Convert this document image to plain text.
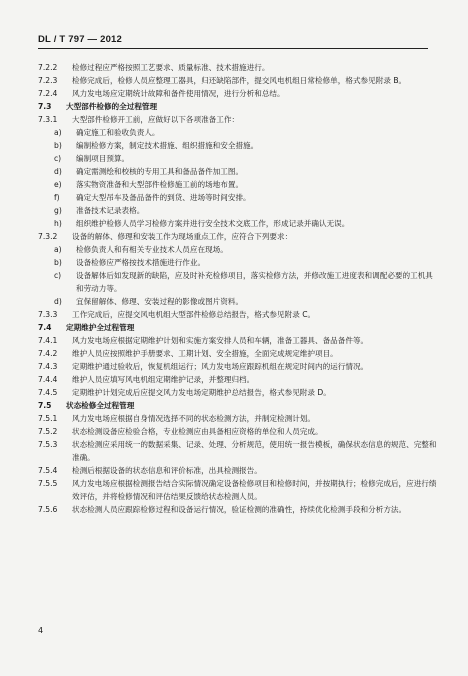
DL / T 797 — 2012
7.2.2	检修过程应严格按照工艺要求、质量标准、技术措施进行。
7.2.3	检修完成后，检修人员应整理工器具，归还缺陷部件，提交风电机组日常检修单，格式参见附录 B。
7.2.4	风力发电场应定期统计故障和备件使用情况，进行分析和总结。
7.3	大型部件检修的全过程管理
7.3.1	大型部件检修开工前，应做好以下各项准备工作：
a)	确定施工和验收负责人。
b)	编制检修方案，制定技术措施、组织措施和安全措施。
c)	编制项目预算。
d)	确定需测绘和校核的专用工具和备品备件加工图。
e)	落实物资准备和大型部件检修施工前的场地布置。
f)	确定大型吊车及备品备件的到货、进场等时间安排。
g)	准备技术记录表格。
h)	组织维护检修人员学习检修方案并进行安全技术交底工作，形成记录并确认无误。
7.3.2	设备的解体、修理和安装工作为现场重点工作，应符合下列要求：
a)	检修负责人和有相关专业技术人员应在现场。
b)	设备检修应严格按技术措施进行作业。
c)	设备解体后如发现新的缺陷，应及时补充检修项目，落实检修方法，并修改施工进度表和调配必要的工机具和劳动力等。
d)	宜保留解体、修理、安装过程的影像或图片资料。
7.3.3	工作完成后，应提交风电机组大型部件检修总结报告，格式参见附录 C。
7.4	定期维护全过程管理
7.4.1	风力发电场应根据定期维护计划和实施方案安排人员和车辆，准备工器具、备品备件等。
7.4.2	维护人员应按照维护手册要求、工期计划、安全措施，全面完成规定维护项目。
7.4.3	定期维护通过验收后，恢复机组运行；风力发电场应跟踪机组在规定时间内的运行情况。
7.4.4	维护人员应填写风电机组定期维护记录，并整理归档。
7.4.5	定期维护计划完成后应提交风力发电场定期维护总结报告，格式参见附录 D。
7.5	状态检修全过程管理
7.5.1	风力发电场应根据自身情况选择不同的状态检测方法，并制定检测计划。
7.5.2	状态检测设备应检验合格，专业检测应由具备相应资格的单位和人员完成。
7.5.3	状态检测应采用统一的数据采集、记录、处理、分析规范，使用统一报告模板，确保状态信息的规范、完整和准确。
7.5.4	检测后根据设备的状态信息和评价标准，出具检测报告。
7.5.5	风力发电场应根据检测报告结合实际情况确定设备检修项目和检修时间，并按期执行；检修完成后，应进行绩效评估，并将检修情况和评估结果反馈给状态检测人员。
7.5.6	状态检测人员应跟踪检修过程和设备运行情况，验证检测的准确性，持续优化检测手段和分析方法。
4
